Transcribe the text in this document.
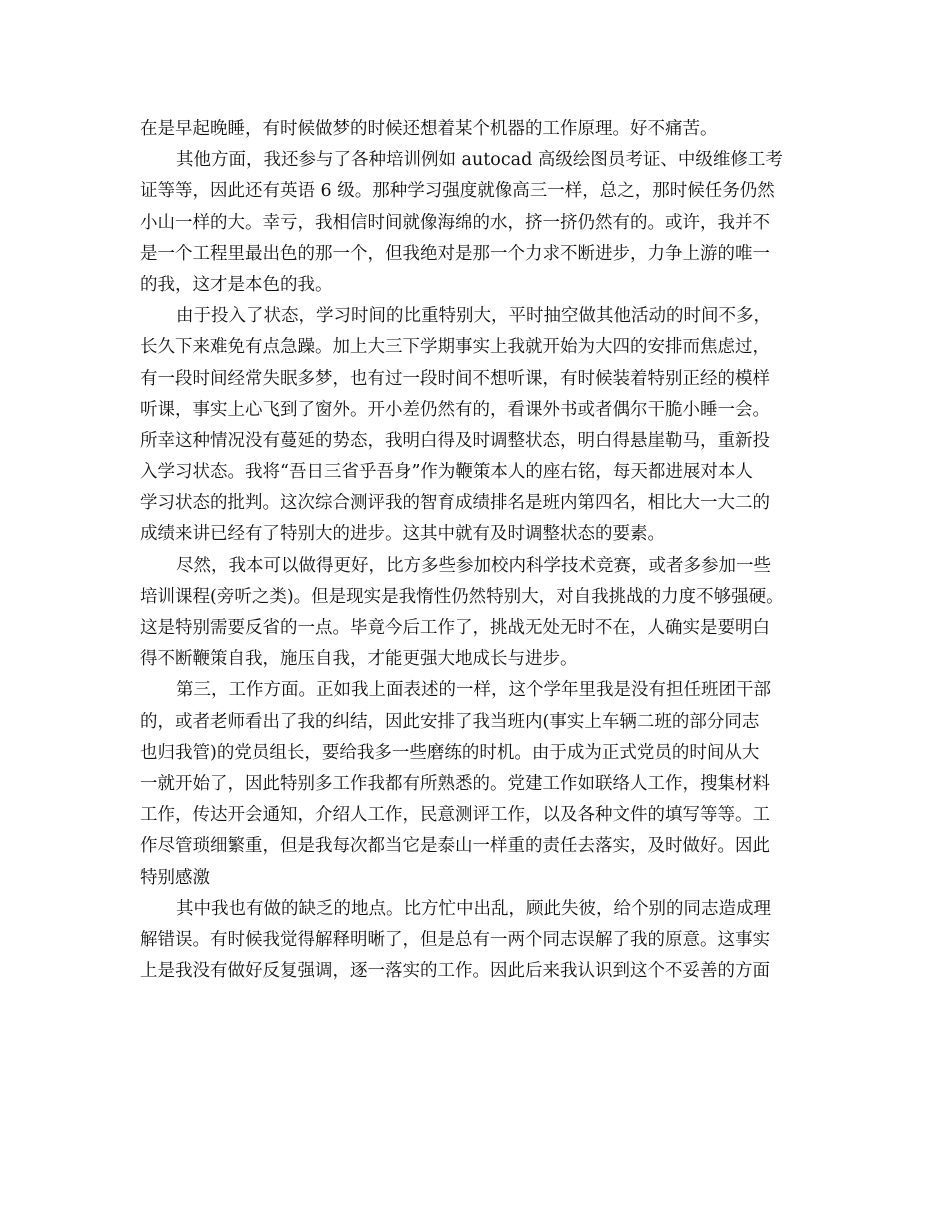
在是早起晚睡，有时候做梦的时候还想着某个机器的工作原理。好不痛苦。
其他方面，我还参与了各种培训例如 autocad 高级绘图员考证、中级维修工考
证等等，因此还有英语 6 级。那种学习强度就像高三一样，总之，那时候任务仍然
小山一样的大。幸亏，我相信时间就像海绵的水，挤一挤仍然有的。或许，我并不
是一个工程里最出色的那一个，但我绝对是那一个力求不断进步，力争上游的唯一
的我，这才是本色的我。
由于投入了状态，学习时间的比重特别大，平时抽空做其他活动的时间不多，
长久下来难免有点急躁。加上大三下学期事实上我就开始为大四的安排而焦虑过，
有一段时间经常失眠多梦，也有过一段时间不想听课，有时候装着特别正经的模样
听课，事实上心飞到了窗外。开小差仍然有的，看课外书或者偶尔干脆小睡一会。
所幸这种情况没有蔓延的势态，我明白得及时调整状态，明白得悬崖勒马，重新投
入学习状态。我将“吾日三省乎吾身”作为鞭策本人的座右铭，每天都进展对本人
学习状态的批判。这次综合测评我的智育成绩排名是班内第四名，相比大一大二的
成绩来讲已经有了特别大的进步。这其中就有及时调整状态的要素。
尽然，我本可以做得更好，比方多些参加校内科学技术竞赛，或者多参加一些
培训课程(旁听之类)。但是现实是我惰性仍然特别大，对自我挑战的力度不够强硬。
这是特别需要反省的一点。毕竟今后工作了，挑战无处无时不在，人确实是要明白
得不断鞭策自我，施压自我，才能更强大地成长与进步。
第三，工作方面。正如我上面表述的一样，这个学年里我是没有担任班团干部
的，或者老师看出了我的纠结，因此安排了我当班内(事实上车辆二班的部分同志
也归我管)的党员组长，要给我多一些磨练的时机。由于成为正式党员的时间从大
一就开始了，因此特别多工作我都有所熟悉的。党建工作如联络人工作，搜集材料
工作，传达开会通知，介绍人工作，民意测评工作，以及各种文件的填写等等。工
作尽管琐细繁重，但是我每次都当它是泰山一样重的责任去落实，及时做好。因此
特别感激
其中我也有做的缺乏的地点。比方忙中出乱，顾此失彼，给个别的同志造成理
解错误。有时候我觉得解释明晰了，但是总有一两个同志误解了我的原意。这事实
上是我没有做好反复强调，逐一落实的工作。因此后来我认识到这个不妥善的方面
